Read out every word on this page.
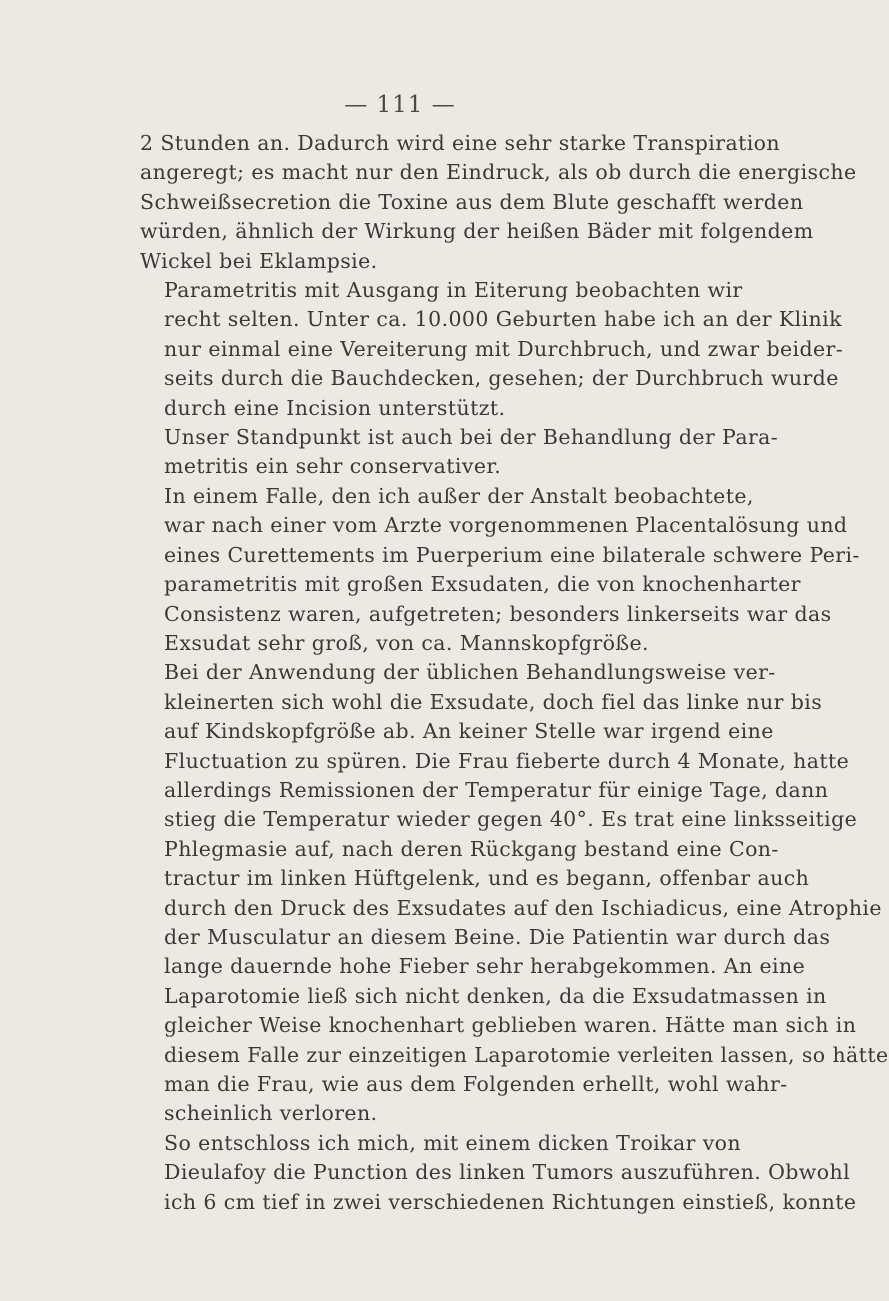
— 111 —
2 Stunden an. Dadurch wird eine sehr starke Transpiration
angeregt; es macht nur den Eindruck, als ob durch die energische
Schweißsecretion die Toxine aus dem Blute geschafft werden
würden, ähnlich der Wirkung der heißen Bäder mit folgendem
Wickel bei Eklampsie.
Parametritis mit Ausgang in Eiterung beobachten wir
recht selten. Unter ca. 10.000 Geburten habe ich an der Klinik
nur einmal eine Vereiterung mit Durchbruch, und zwar beider-
seits durch die Bauchdecken, gesehen; der Durchbruch wurde
durch eine Incision unterstützt.
Unser Standpunkt ist auch bei der Behandlung der Para-
metritis ein sehr conservativer.
In einem Falle, den ich außer der Anstalt beobachtete,
war nach einer vom Arzte vorgenommenen Placentalösung und
eines Curettements im Puerperium eine bilaterale schwere Peri-
parametritis mit großen Exsudaten, die von knochenharter
Consistenz waren, aufgetreten; besonders linkerseits war das
Exsudat sehr groß, von ca. Mannskopfgröße.
Bei der Anwendung der üblichen Behandlungsweise ver-
kleinerten sich wohl die Exsudate, doch fiel das linke nur bis
auf Kindskopfgröße ab. An keiner Stelle war irgend eine
Fluctuation zu spüren. Die Frau fieberte durch 4 Monate, hatte
allerdings Remissionen der Temperatur für einige Tage, dann
stieg die Temperatur wieder gegen 40°. Es trat eine linksseitige
Phlegmasie auf, nach deren Rückgang bestand eine Con-
tractur im linken Hüftgelenk, und es begann, offenbar auch
durch den Druck des Exsudates auf den Ischiadicus, eine Atrophie
der Musculatur an diesem Beine. Die Patientin war durch das
lange dauernde hohe Fieber sehr herabgekommen. An eine
Laparotomie ließ sich nicht denken, da die Exsudatmassen in
gleicher Weise knochenhart geblieben waren. Hätte man sich in
diesem Falle zur einzeitigen Laparotomie verleiten lassen, so hätte
man die Frau, wie aus dem Folgenden erhellt, wohl wahr-
scheinlich verloren.
So entschloss ich mich, mit einem dicken Troikar von
Dieulafoy die Punction des linken Tumors auszuführen. Obwohl
ich 6 cm tief in zwei verschiedenen Richtungen einstieß, konnte
